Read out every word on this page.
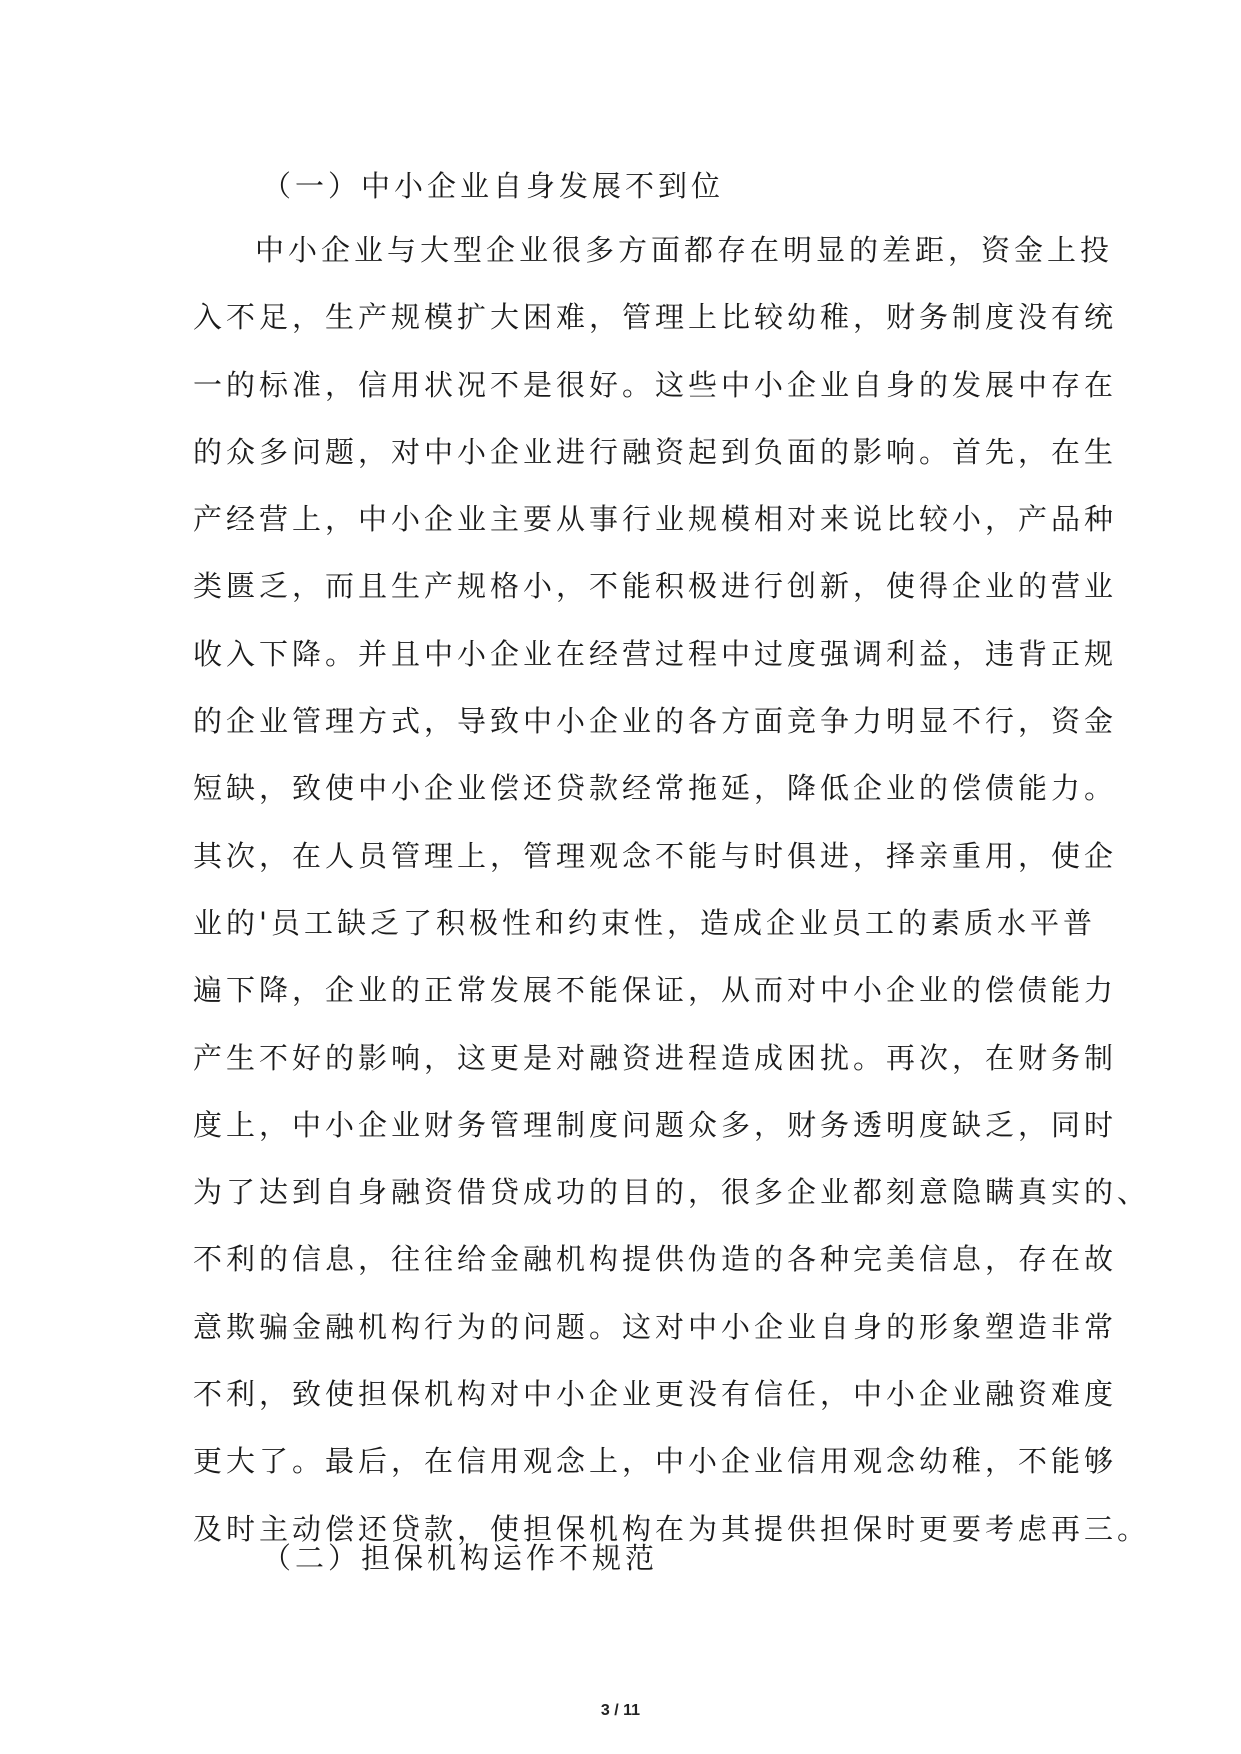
（一）中小企业自身发展不到位
中小企业与大型企业很多方面都存在明显的差距，资金上投
入不足，生产规模扩大困难，管理上比较幼稚，财务制度没有统
一的标准，信用状况不是很好。这些中小企业自身的发展中存在
的众多问题，对中小企业进行融资起到负面的影响。首先，在生
产经营上，中小企业主要从事行业规模相对来说比较小，产品种
类匮乏，而且生产规格小，不能积极进行创新，使得企业的营业
收入下降。并且中小企业在经营过程中过度强调利益，违背正规
的企业管理方式，导致中小企业的各方面竞争力明显不行，资金
短缺，致使中小企业偿还贷款经常拖延，降低企业的偿债能力。
其次，在人员管理上，管理观念不能与时俱进，择亲重用，使企
业的'员工缺乏了积极性和约束性，造成企业员工的素质水平普
遍下降，企业的正常发展不能保证，从而对中小企业的偿债能力
产生不好的影响，这更是对融资进程造成困扰。再次，在财务制
度上，中小企业财务管理制度问题众多，财务透明度缺乏，同时
为了达到自身融资借贷成功的目的，很多企业都刻意隐瞒真实的、
不利的信息，往往给金融机构提供伪造的各种完美信息，存在故
意欺骗金融机构行为的问题。这对中小企业自身的形象塑造非常
不利，致使担保机构对中小企业更没有信任，中小企业融资难度
更大了。最后，在信用观念上，中小企业信用观念幼稚，不能够
及时主动偿还贷款，使担保机构在为其提供担保时更要考虑再三。
（二）担保机构运作不规范
3 / 11
